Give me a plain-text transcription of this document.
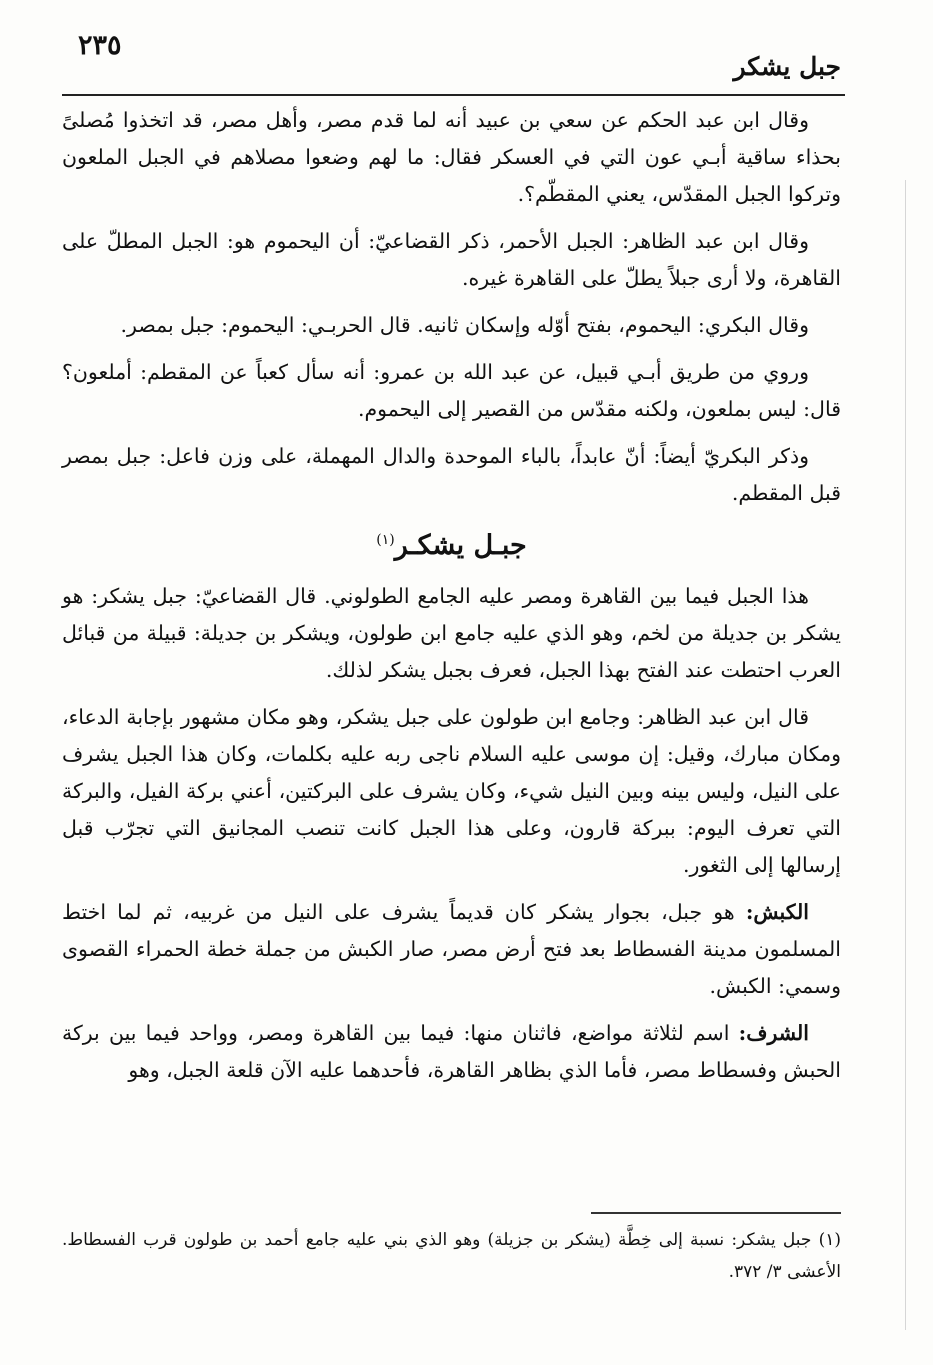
٢٣٥
جبل يشكر

وقال ابن عبد الحكم عن سعي بن عبيد أنه لما قدم مصر، وأهل مصر، قد اتخذوا مُصلىً بحذاء ساقية أبـي عون التي في العسكر فقال: ما لهم وضعوا مصلاهم في الجبل الملعون وتركوا الجبل المقدّس، يعني المقطّم؟.

وقال ابن عبد الظاهر: الجبل الأحمر، ذكر القضاعيّ: أن اليحموم هو: الجبل المطلّ على القاهرة، ولا أرى جبلاً يطلّ على القاهرة غيره.

وقال البكري: اليحموم، بفتح أوّله وإسكان ثانيه. قال الحربـي: اليحموم: جبل بمصر.

وروي من طريق أبـي قبيل، عن عبد الله بن عمرو: أنه سأل كعباً عن المقطم: أملعون؟ قال: ليس بملعون، ولكنه مقدّس من القصير إلى اليحموم.

وذكر البكريّ أيضاً: أنّ عابداً، بالباء الموحدة والدال المهملة، على وزن فاعل: جبل بمصر قبل المقطم.

جبـل يشكـر$^{(١)}$

هذا الجبل فيما بين القاهرة ومصر عليه الجامع الطولوني. قال القضاعيّ: جبل يشكر: هو يشكر بن جديلة من لخم، وهو الذي عليه جامع ابن طولون، ويشكر بن جديلة: قبيلة من قبائل العرب احتطت عند الفتح بهذا الجبل، فعرف بجبل يشكر لذلك.

قال ابن عبد الظاهر: وجامع ابن طولون على جبل يشكر، وهو مكان مشهور بإجابة الدعاء، ومكان مبارك، وقيل: إن موسى عليه السلام ناجى ربه عليه بكلمات، وكان هذا الجبل يشرف على النيل، وليس بينه وبين النيل شيء، وكان يشرف على البركتين، أعني بركة الفيل، والبركة التي تعرف اليوم: ببركة قارون، وعلى هذا الجبل كانت تنصب المجانيق التي تجرّب قبل إرسالها إلى الثغور.

الكبش: هو جبل، بجوار يشكر كان قديماً يشرف على النيل من غربيه، ثم لما اختط المسلمون مدينة الفسطاط بعد فتح أرض مصر، صار الكبش من جملة خطة الحمراء القصوى وسمي: الكبش.

الشرف: اسم لثلاثة مواضع، فاثنان منها: فيما بين القاهرة ومصر، وواحد فيما بين بركة الحبش وفسطاط مصر، فأما الذي بظاهر القاهرة، فأحدهما عليه الآن قلعة الجبل، وهو

(١) جبل يشكر: نسبة إلى خِطَّة (يشكر بن جزيلة) وهو الذي بني عليه جامع أحمد بن طولون قرب الفسطاط. الأعشى ٣/ ٣٧٢.
